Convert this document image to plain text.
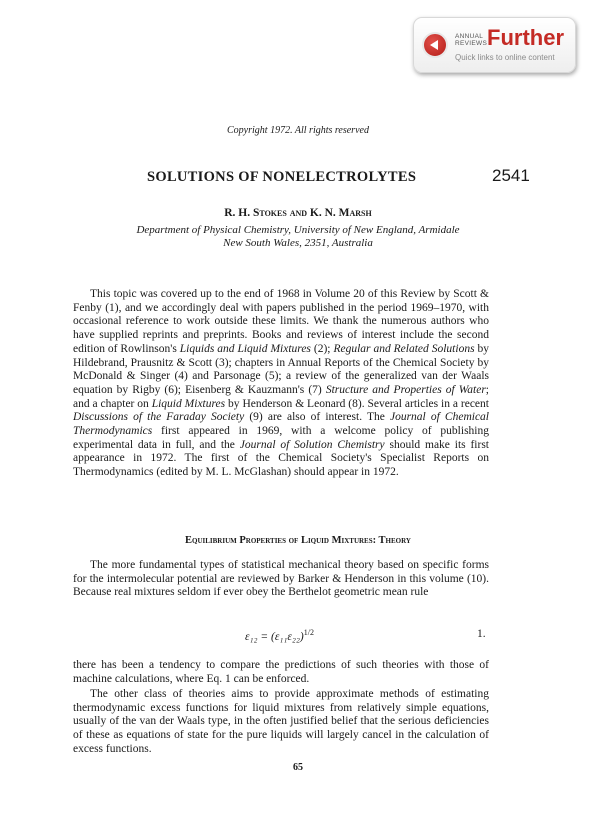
ANNUAL
REVIEWS Further
Quick links to online content
Copyright 1972. All rights reserved
SOLUTIONS OF NONELECTROLYTES	2541
R. H. Stokes and K. N. Marsh
Department of Physical Chemistry, University of New England, Armidale
New South Wales, 2351, Australia

This topic was covered up to the end of 1968 in Volume 20 of this Review by Scott & Fenby (1), and we accordingly deal with papers published in the period 1969–1970, with occasional reference to work outside these limits. We thank the numerous authors who have supplied reprints and preprints. Books and reviews of interest include the second edition of Rowlinson's Liquids and Liquid Mixtures (2); Regular and Related Solutions by Hildebrand, Prausnitz & Scott (3); chapters in Annual Reports of the Chemical Society by McDonald & Singer (4) and Parsonage (5); a review of the generalized van der Waals equation by Rigby (6); Eisenberg & Kauzmann's (7) Structure and Properties of Water; and a chapter on Liquid Mixtures by Henderson & Leonard (8). Several articles in a recent Discussions of the Faraday Society (9) are also of interest. The Journal of Chemical Thermodynamics first appeared in 1969, with a welcome policy of publishing experimental data in full, and the Journal of Solution Chemistry should make its first appearance in 1972. The first of the Chemical Society's Specialist Reports on Thermodynamics (edited by M. L. McGlashan) should appear in 1972.

Equilibrium Properties of Liquid Mixtures: Theory

The more fundamental types of statistical mechanical theory based on specific forms for the intermolecular potential are reviewed by Barker & Henderson in this volume (10). Because real mixtures seldom if ever obey the Berthelot geometric mean rule

$\varepsilon_{12} = (\varepsilon_{11}\varepsilon_{22})^{1/2}$	1.

there has been a tendency to compare the predictions of such theories with those of machine calculations, where Eq. 1 can be enforced.

The other class of theories aims to provide approximate methods of estimating thermodynamic excess functions for liquid mixtures from relatively simple equations, usually of the van der Waals type, in the often justified belief that the serious deficiencies of these as equations of state for the pure liquids will largely cancel in the calculation of excess functions.

65
